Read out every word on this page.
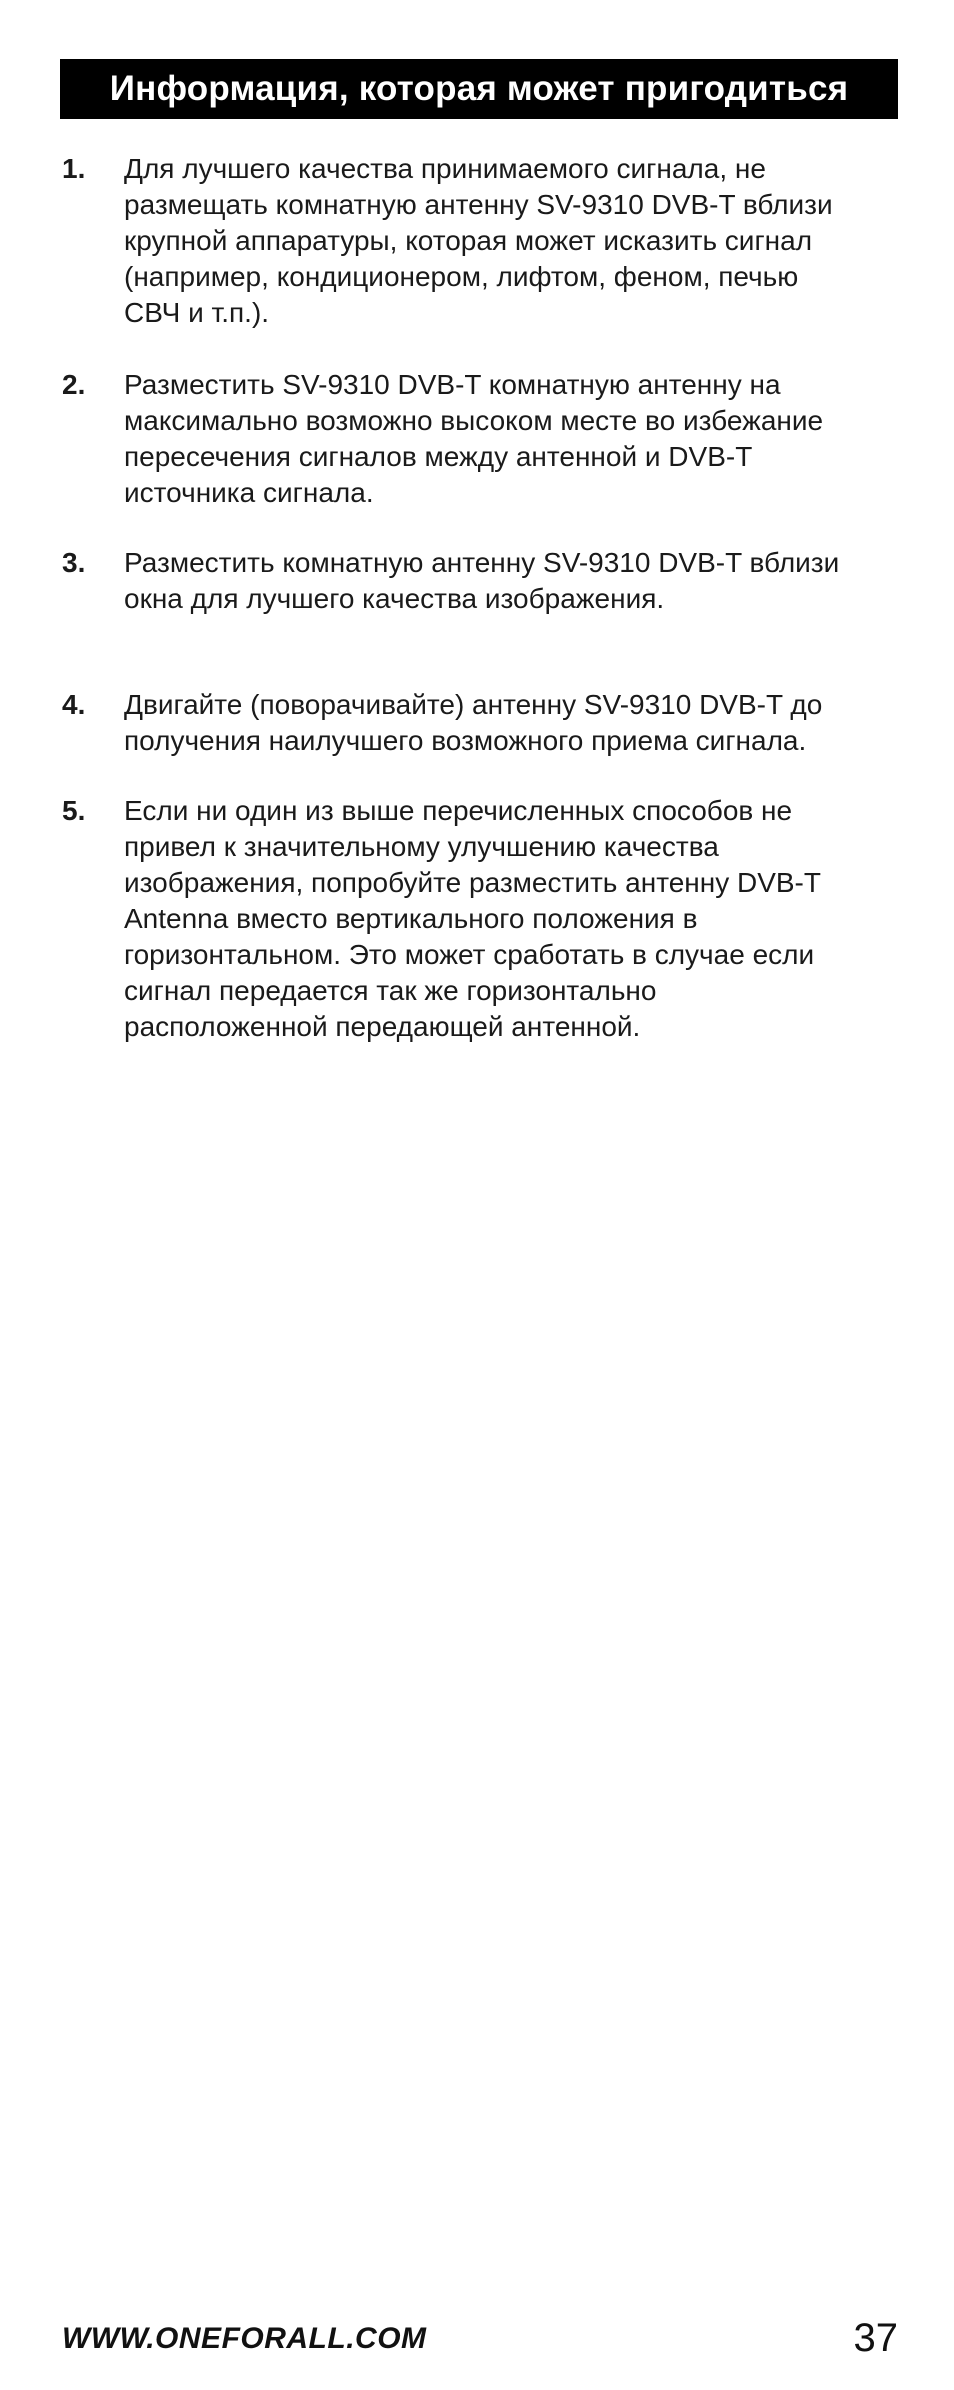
Информация, которая может пригодиться
1.	Для лучшего качества принимаемого сигнала, не
размещать комнатную антенну SV-9310 DVB-T вблизи
крупной аппаратуры, которая может исказить сигнал
(например, кондиционером, лифтом, феном, печью
СВЧ и т.п.).
2.	Разместить SV-9310 DVB-T комнатную антенну на
максимально возможно высоком месте во избежание
пересечения сигналов между антенной и DVB-T
источника сигнала.
3.	Разместить комнатную антенну SV-9310 DVB-T вблизи
окна для лучшего качества изображения.
4.	Двигайте (поворачивайте) антенну SV-9310 DVB-T до
получения наилучшего возможного приема сигнала.
5.	Если ни один из выше перечисленных способов не
привел к значительному улучшению качества
изображения, попробуйте разместить антенну DVB-T
Antenna вместо вертикального положения в
горизонтальном. Это может сработать в случае если
сигнал передается так же горизонтально
расположенной передающей антенной.
WWW.ONEFORALL.COM	37
